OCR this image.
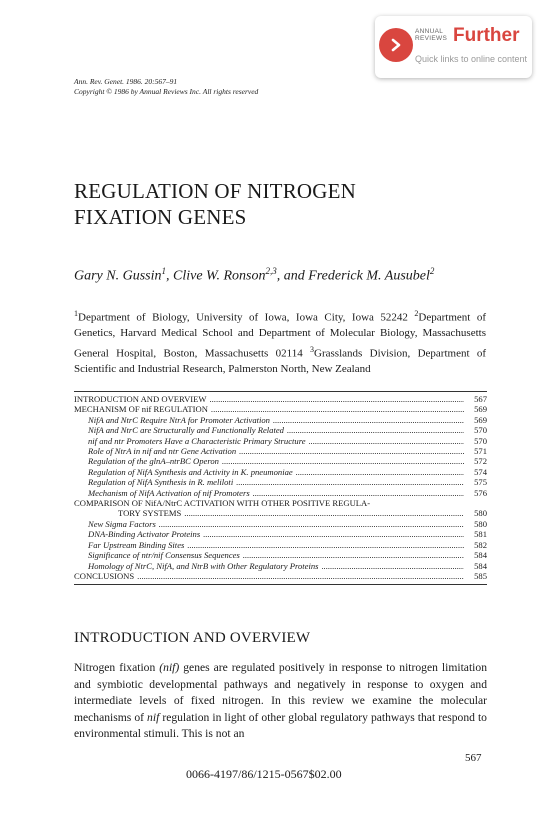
ANNUAL
REVIEWS Further
Quick links to online content
Ann. Rev. Genet. 1986. 20:567–91
Copyright © 1986 by Annual Reviews Inc. All rights reserved
REGULATION OF NITROGEN
FIXATION GENES
Gary N. Gussin$^1$, Clive W. Ronson$^{2,3}$, and Frederick M. Ausubel$^2$
$^1$Department of Biology, University of Iowa, Iowa City, Iowa 52242 $^2$Department of Genetics, Harvard Medical School and Department of Molecular Biology, Massachusetts General Hospital, Boston, Massachusetts 02114 $^3$Grasslands Division, Department of Scientific and Industrial Research, Palmerston North, New Zealand
INTRODUCTION AND OVERVIEW .....	567
MECHANISM OF nif REGULATION .....	569
NifA and NtrC Require NtrA for Promoter Activation .....	569
NifA and NtrC are Structurally and Functionally Related .....	570
nif and ntr Promoters Have a Characteristic Primary Structure .....	570
Role of NtrA in nif and ntr Gene Activation .....	571
Regulation of the glnA–ntrBC Operon .....	572
Regulation of NifA Synthesis and Activity in K. pneumoniae .....	574
Regulation of NifA Synthesis in R. meliloti .....	575
Mechanism of NifA Activation of nif Promoters .....	576
COMPARISON OF NifA/NtrC ACTIVATION WITH OTHER POSITIVE REGULA-
TORY SYSTEMS .....	580
New Sigma Factors .....	580
DNA-Binding Activator Proteins .....	581
Far Upstream Binding Sites .....	582
Significance of ntr/nif Consensus Sequences .....	584
Homology of NtrC, NifA, and NtrB with Other Regulatory Proteins .....	584
CONCLUSIONS .....	585
INTRODUCTION AND OVERVIEW
Nitrogen fixation (nif) genes are regulated positively in response to nitrogen limitation and symbiotic developmental pathways and negatively in response to oxygen and intermediate levels of fixed nitrogen. In this review we examine the molecular mechanisms of nif regulation in light of other global regulatory pathways that respond to environmental stimuli. This is not an
567
0066-4197/86/1215-0567$02.00
